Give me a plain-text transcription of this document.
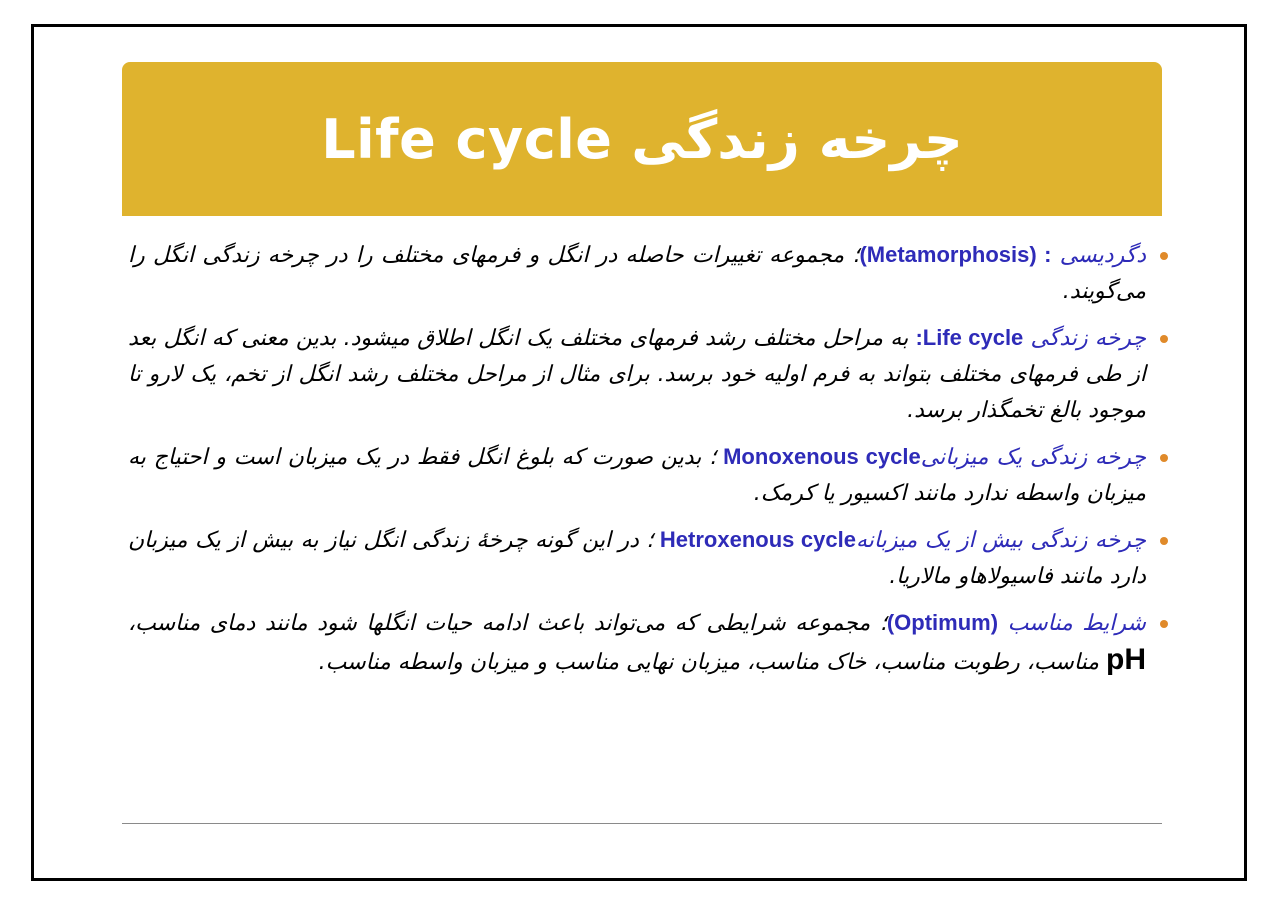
چرخه زندگی Life cycle
دگردیسی : (Metamorphosis)؛ مجموعه تغییرات حاصله در انگل و فرمهای مختلف را در چرخه زندگی انگل را می‌گویند.
چرخه زندگی Life cycle: به مراحل مختلف رشد فرمهای مختلف یک انگل اطلاق میشود. بدین معنی که انگل بعد از طی فرمهای مختلف بتواند به فرم اولیه خود برسد. برای مثال از مراحل مختلف رشد انگل از تخم، یک لارو تا موجود بالغ تخمگذار برسد.
چرخه زندگی یک میزبانیMonoxenous cycle ؛ بدین صورت که بلوغ انگل فقط در یک میزبان است و احتیاج به میزبان واسطه ندارد مانند اکسیور یا کرمک.
چرخه زندگی بیش از یک میزبانهHetroxenous cycle ؛ در این گونه چرخهٔ زندگی انگل نیاز به بیش از یک میزبان دارد مانند فاسیولاهاو مالاریا.
شرایط مناسب (Optimum)؛ مجموعه شرایطی که می‌تواند باعث ادامه حیات انگلها شود مانند دمای مناسب، pH مناسب، رطوبت مناسب، خاک مناسب، میزبان نهایی مناسب و میزبان واسطه مناسب.
